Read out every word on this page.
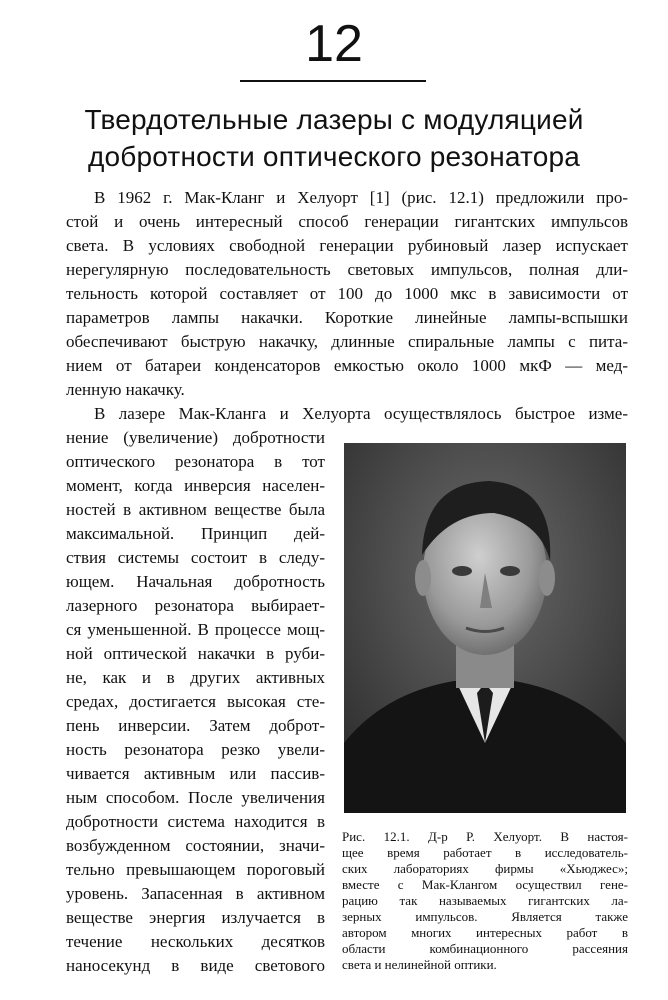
12
Твердотельные лазеры с модуляцией
добротности оптического резонатора
В 1962 г. Мак-Кланг и Хелуорт [1] (рис. 12.1) предложили про-
стой и очень интересный способ генерации гигантских импульсов
света. В условиях свободной генерации рубиновый лазер испускает
нерегулярную последовательность световых импульсов, полная дли-
тельность которой составляет от 100 до 1000 мкс в зависимости от
параметров лампы накачки. Короткие линейные лампы-вспышки
обеспечивают быструю накачку, длинные спиральные лампы с пита-
нием от батареи конденсаторов емкостью около 1000 мкФ — мед-
ленную накачку.
В лазере Мак-Кланга и Хелуорта осуществлялось быстрое изме-
нение (увеличение) добротности
оптического резонатора в тот
момент, когда инверсия населен-
ностей в активном веществе была
максимальной. Принцип дей-
ствия системы состоит в следу-
ющем. Начальная добротность
лазерного резонатора выбирает-
ся уменьшенной. В процессе мощ-
ной оптической накачки в руби-
не, как и в других активных
средах, достигается высокая сте-
пень инверсии. Затем доброт-
ность резонатора резко увели-
чивается активным или пассив-
ным способом. После увеличения
добротности система находится в
возбужденном состоянии, значи-
тельно превышающем пороговый
уровень. Запасенная в активном
веществе энергия излучается в
течение нескольких десятков
наносекунд в виде светового
Рис. 12.1. Д-р Р. Хелуорт. В настоя-
щее время работает в исследователь-
ских лабораториях фирмы «Хьюджес»;
вместе с Мак-Клангом осуществил гене-
рацию так называемых гигантских ла-
зерных импульсов. Является также
автором многих интересных работ в
области комбинационного рассеяния
света и нелинейной оптики.
